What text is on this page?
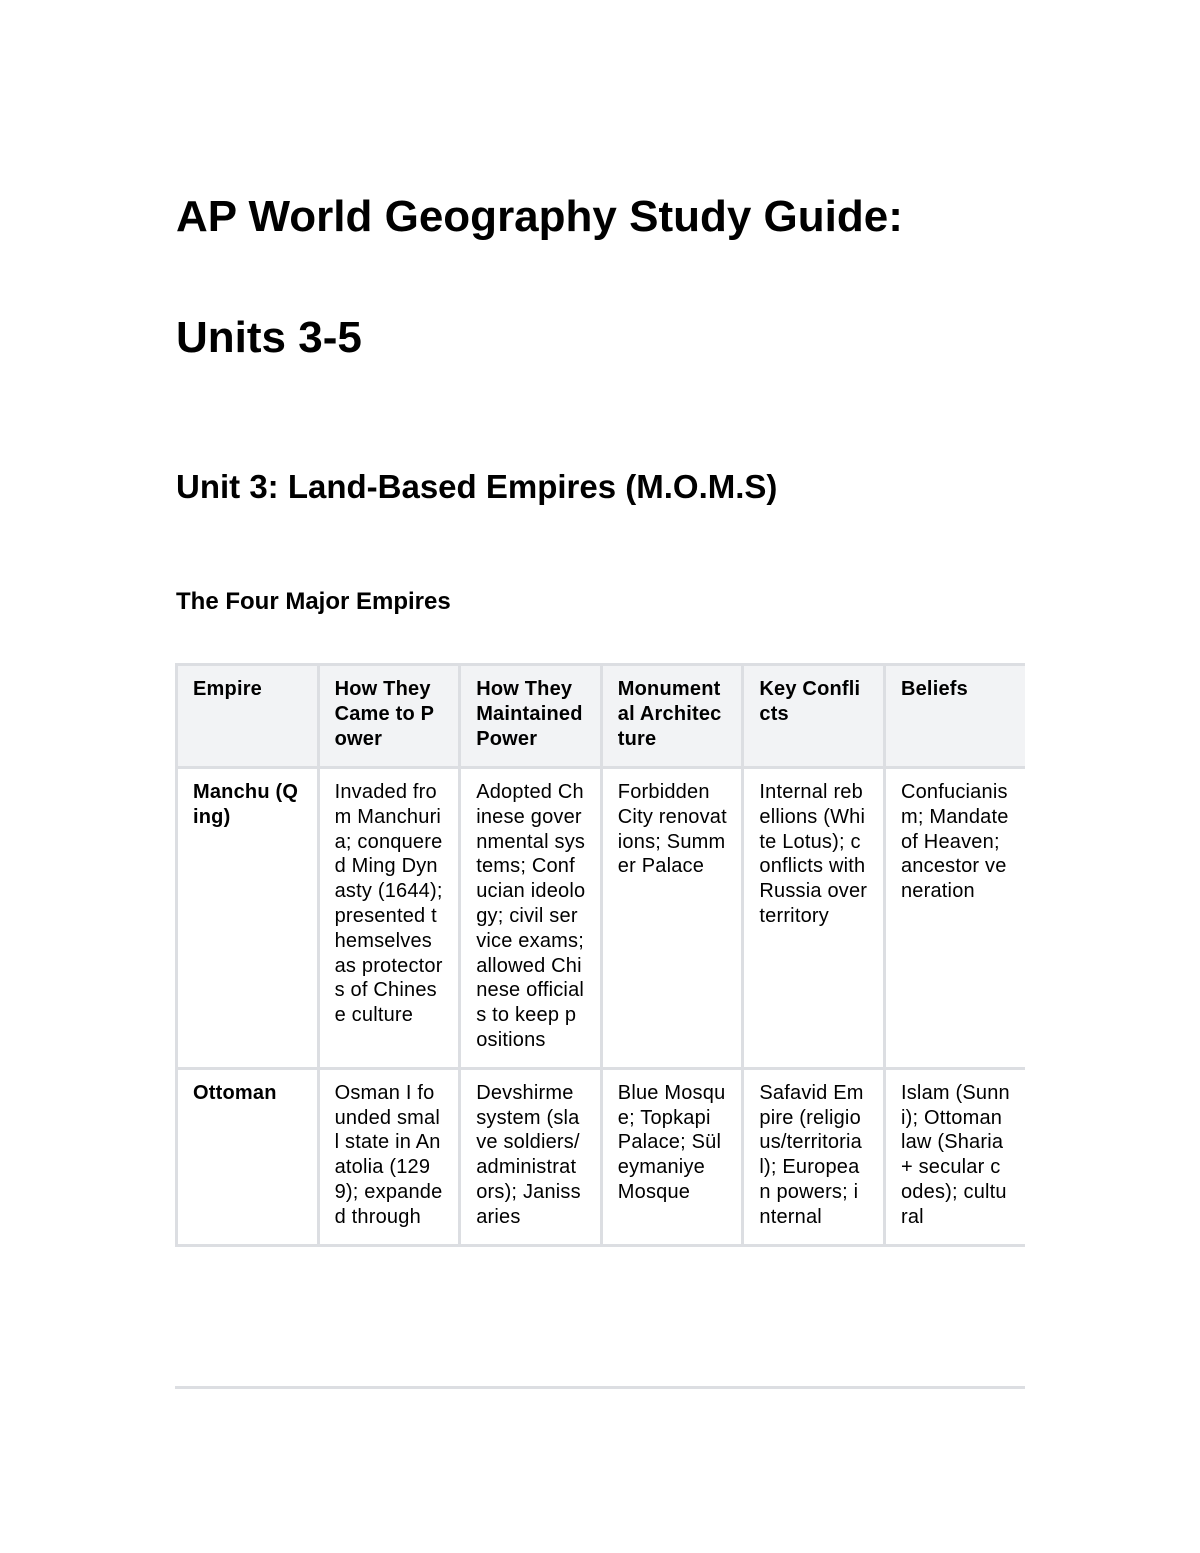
AP World Geography Study Guide:
Units 3-5
Unit 3: Land-Based Empires (M.O.M.S)
The Four Major Empires
Empire	How They Came to Power	How They Maintained Power	Monumental Architecture	Key Conflicts	Beliefs
Manchu (Qing)	Invaded from Manchuria; conquered Ming Dynasty (1644); presented themselves as protectors of Chinese culture	Adopted Chinese governmental systems; Confucian ideology; civil service exams; allowed Chinese officials to keep positions	Forbidden City renovations; Summer Palace	Internal rebellions (White Lotus); conflicts with Russia over territory	Confucianism; Mandate of Heaven; ancestor veneration
Ottoman	Osman I founded small state in Anatolia (1299); expanded through	Devshirme system (slave soldiers/administrators); Janissaries	Blue Mosque; Topkapi Palace; Süleymaniye Mosque	Safavid Empire (religious/territorial); European powers; internal	Islam (Sunni); Ottoman law (Sharia + secular codes); cultural
